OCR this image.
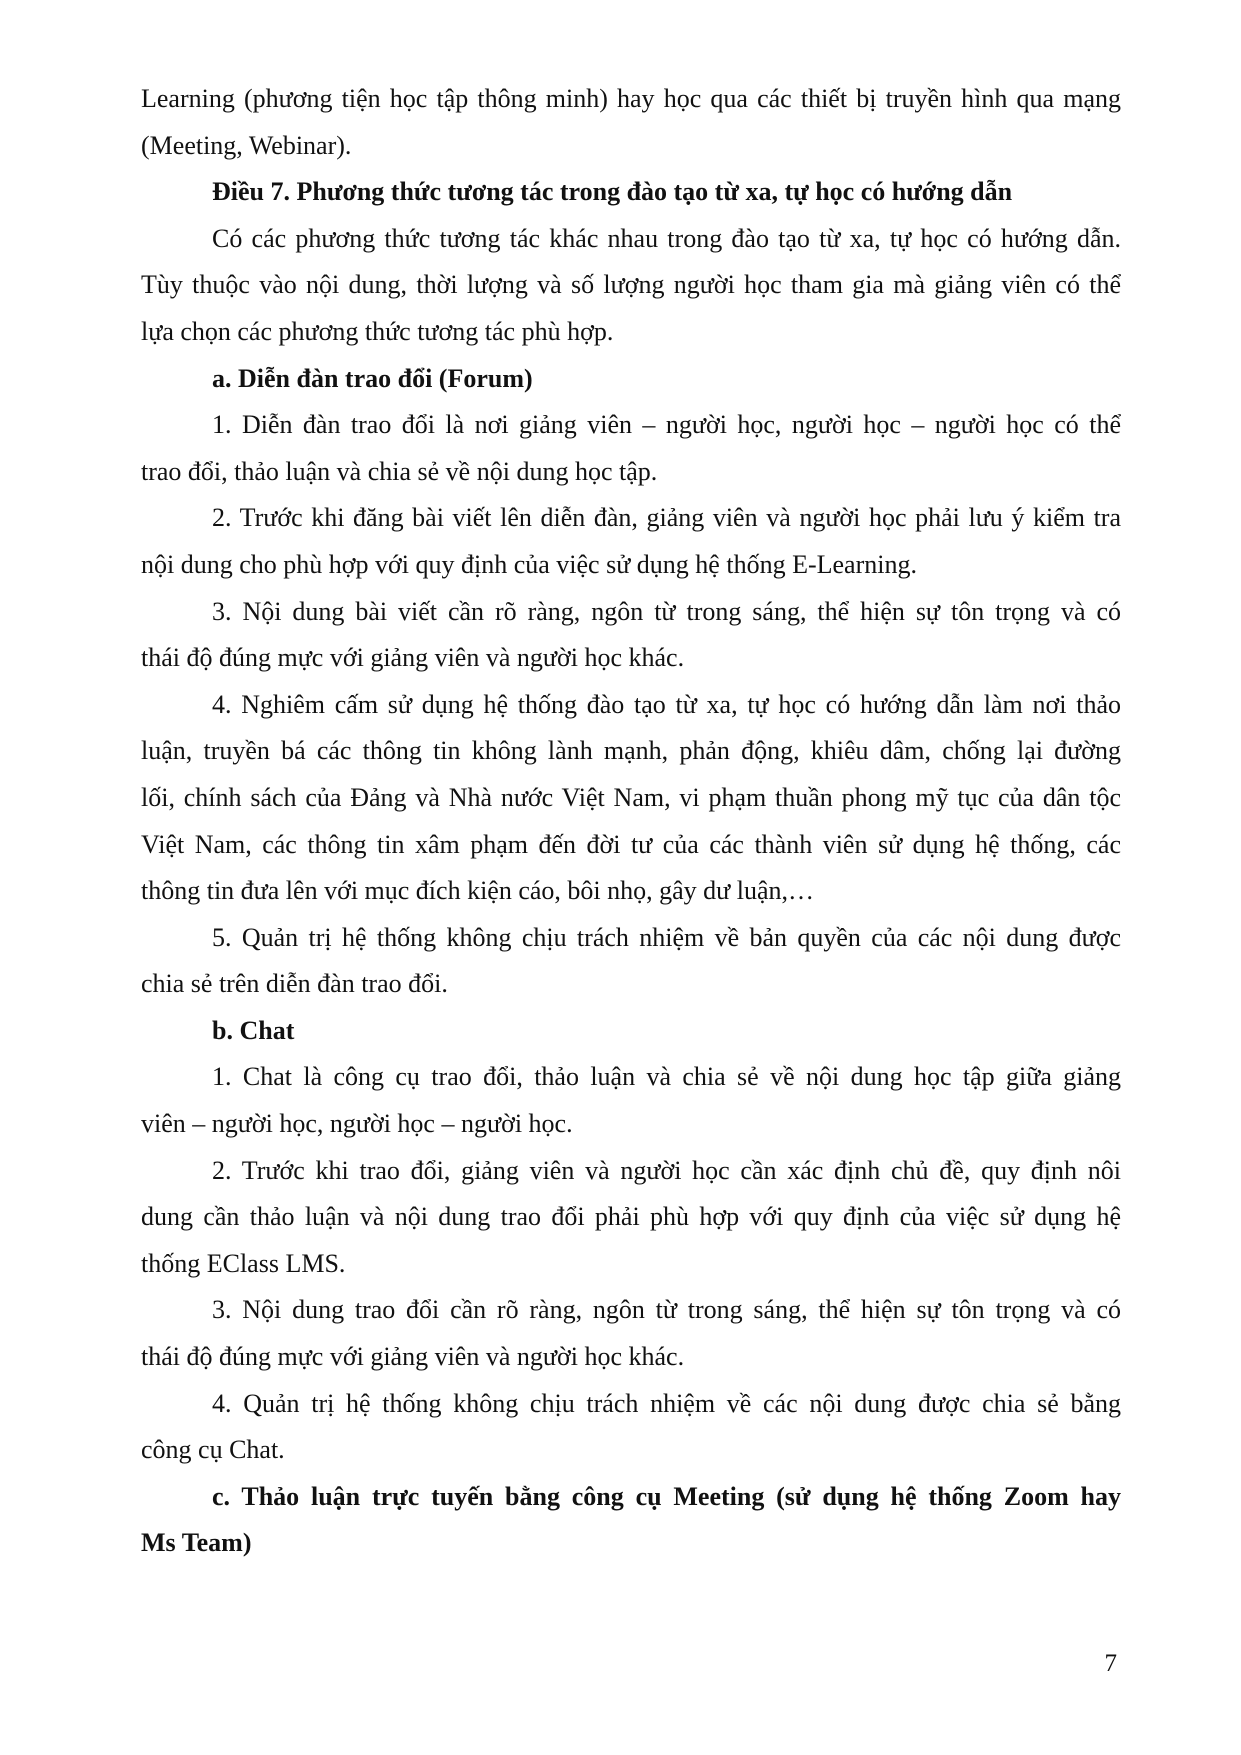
Learning (phương tiện học tập thông minh) hay học qua các thiết bị truyền hình qua mạng
(Meeting, Webinar).
Điều 7. Phương thức tương tác trong đào tạo từ xa, tự học có hướng dẫn
Có các phương thức tương tác khác nhau trong đào tạo từ xa, tự học có hướng dẫn.
Tùy thuộc vào nội dung, thời lượng và số lượng người học tham gia mà giảng viên có thể
lựa chọn các phương thức tương tác phù hợp.
a. Diễn đàn trao đổi (Forum)
1. Diễn đàn trao đổi là nơi giảng viên – người học, người học – người học có thể
trao đổi, thảo luận và chia sẻ về nội dung học tập.
2. Trước khi đăng bài viết lên diễn đàn, giảng viên và người học phải lưu ý kiểm tra
nội dung cho phù hợp với quy định của việc sử dụng hệ thống E-Learning.
3. Nội dung bài viết cần rõ ràng, ngôn từ trong sáng, thể hiện sự tôn trọng và có
thái độ đúng mực với giảng viên và người học khác.
4. Nghiêm cấm sử dụng hệ thống đào tạo từ xa, tự học có hướng dẫn làm nơi thảo
luận, truyền bá các thông tin không lành mạnh, phản động, khiêu dâm, chống lại đường
lối, chính sách của Đảng và Nhà nước Việt Nam, vi phạm thuần phong mỹ tục của dân tộc
Việt Nam, các thông tin xâm phạm đến đời tư của các thành viên sử dụng hệ thống, các
thông tin đưa lên với mục đích kiện cáo, bôi nhọ, gây dư luận,…
5. Quản trị hệ thống không chịu trách nhiệm về bản quyền của các nội dung được
chia sẻ trên diễn đàn trao đổi.
b. Chat
1. Chat là công cụ trao đổi, thảo luận và chia sẻ về nội dung học tập giữa giảng
viên – người học, người học – người học.
2. Trước khi trao đổi, giảng viên và người học cần xác định chủ đề, quy định nôi
dung cần thảo luận và nội dung trao đổi phải phù hợp với quy định của việc sử dụng hệ
thống EClass LMS.
3. Nội dung trao đổi cần rõ ràng, ngôn từ trong sáng, thể hiện sự tôn trọng và có
thái độ đúng mực với giảng viên và người học khác.
4. Quản trị hệ thống không chịu trách nhiệm về các nội dung được chia sẻ bằng
công cụ Chat.
c. Thảo luận trực tuyến bằng công cụ Meeting (sử dụng hệ thống Zoom hay
Ms Team)
7
